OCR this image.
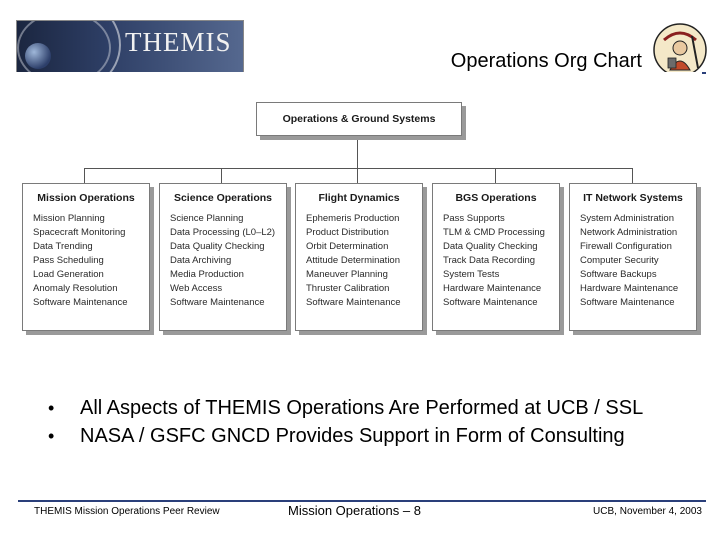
THEMIS
Operations Org Chart
Operations & Ground Systems
Mission Operations
Mission Planning
Spacecraft Monitoring
Data Trending
Pass Scheduling
Load Generation
Anomaly Resolution
Software Maintenance
Science Operations
Science Planning
Data Processing (L0–L2)
Data Quality Checking
Data Archiving
Media Production
Web Access
Software Maintenance
Flight Dynamics
Ephemeris Production
Product Distribution
Orbit Determination
Attitude Determination
Maneuver Planning
Thruster Calibration
Software Maintenance
BGS Operations
Pass Supports
TLM & CMD Processing
Data Quality Checking
Track Data Recording
System Tests
Hardware Maintenance
Software Maintenance
IT Network Systems
System Administration
Network Administration
Firewall Configuration
Computer Security
Software Backups
Hardware Maintenance
Software Maintenance
• All Aspects of THEMIS Operations Are Performed at UCB / SSL
• NASA / GSFC GNCD Provides Support in Form of Consulting
THEMIS Mission Operations Peer Review	Mission Operations – 8	UCB, November 4, 2003
